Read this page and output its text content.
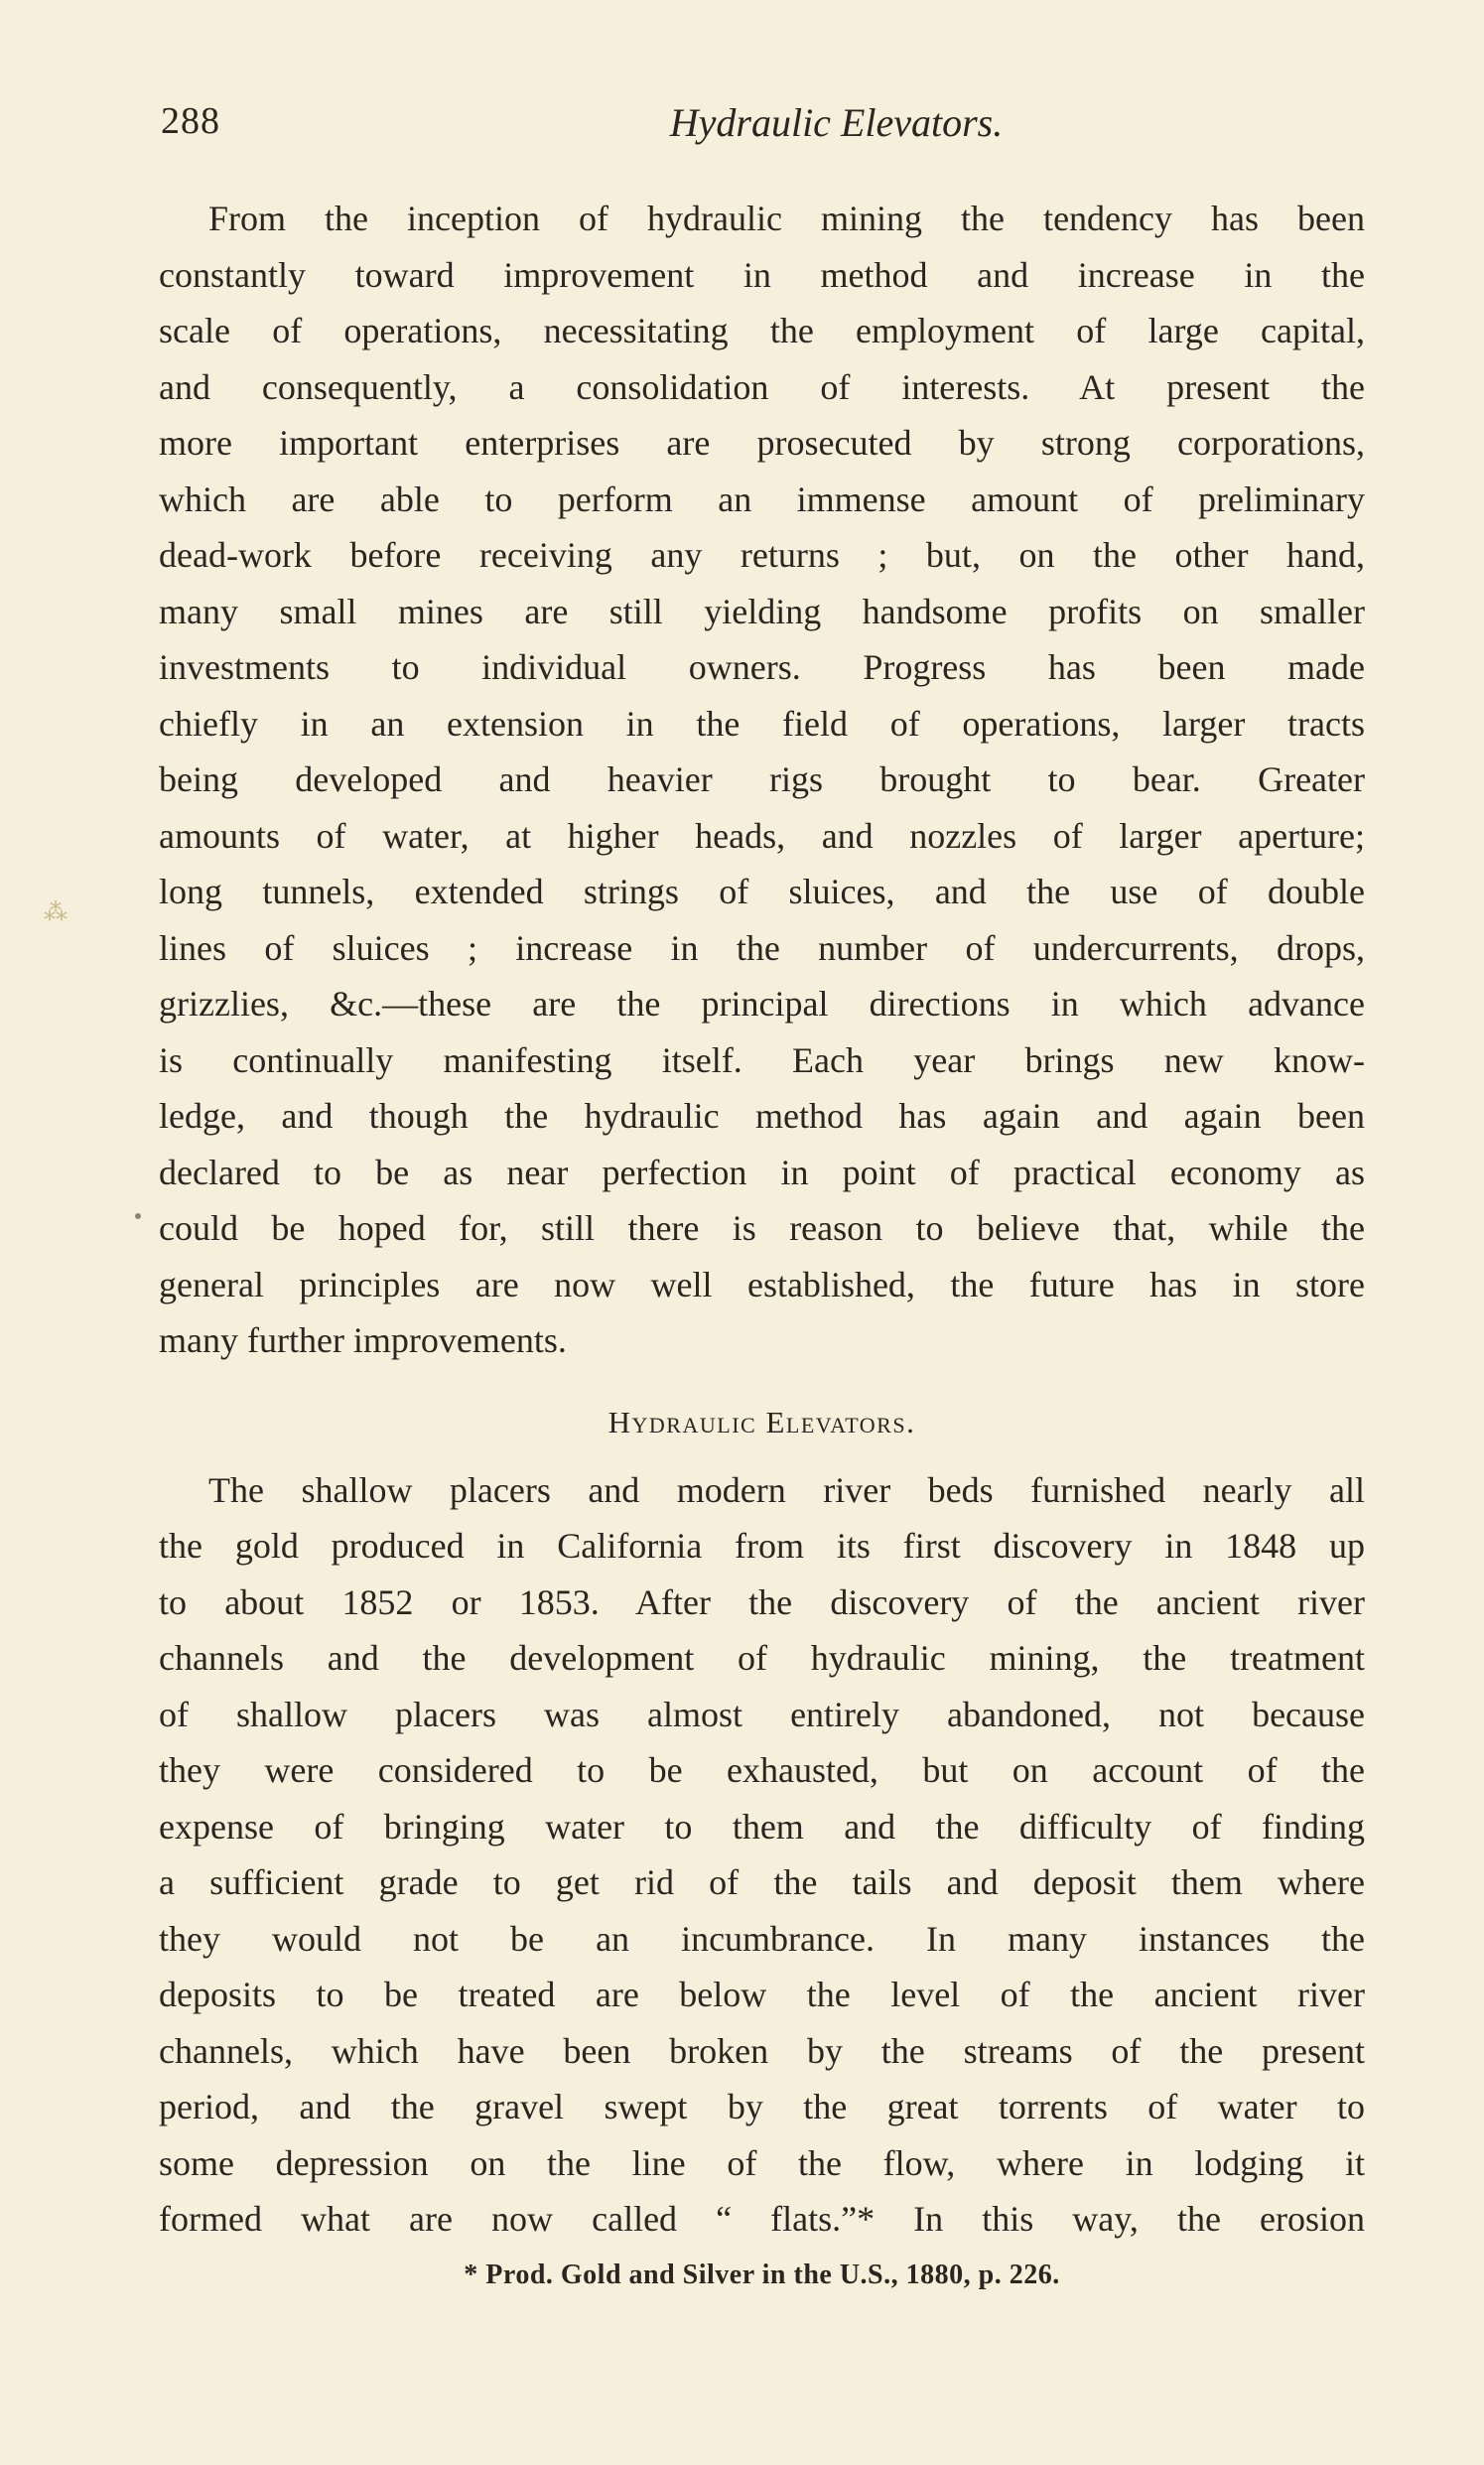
288	Hydraulic Elevators.
From the inception of hydraulic mining the tendency has been
constantly toward improvement in method and increase in the
scale of operations, necessitating the employment of large capital,
and consequently, a consolidation of interests. At present the
more important enterprises are prosecuted by strong corporations,
which are able to perform an immense amount of preliminary
dead-work before receiving any returns ; but, on the other hand,
many small mines are still yielding handsome profits on smaller
investments to individual owners. Progress has been made
chiefly in an extension in the field of operations, larger tracts
being developed and heavier rigs brought to bear. Greater
amounts of water, at higher heads, and nozzles of larger aperture;
long tunnels, extended strings of sluices, and the use of double
lines of sluices ; increase in the number of undercurrents, drops,
grizzlies, &c.—these are the principal directions in which advance
is continually manifesting itself. Each year brings new know-
ledge, and though the hydraulic method has again and again been
declared to be as near perfection in point of practical economy as
could be hoped for, still there is reason to believe that, while the
general principles are now well established, the future has in store
many further improvements.
Hydraulic Elevators.
The shallow placers and modern river beds furnished nearly all
the gold produced in California from its first discovery in 1848 up
to about 1852 or 1853. After the discovery of the ancient river
channels and the development of hydraulic mining, the treatment
of shallow placers was almost entirely abandoned, not because
they were considered to be exhausted, but on account of the
expense of bringing water to them and the difficulty of finding
a sufficient grade to get rid of the tails and deposit them where
they would not be an incumbrance. In many instances the
deposits to be treated are below the level of the ancient river
channels, which have been broken by the streams of the present
period, and the gravel swept by the great torrents of water to
some depression on the line of the flow, where in lodging it
formed what are now called “ flats.”* In this way, the erosion
* Prod. Gold and Silver in the U.S., 1880, p. 226.
⁂
